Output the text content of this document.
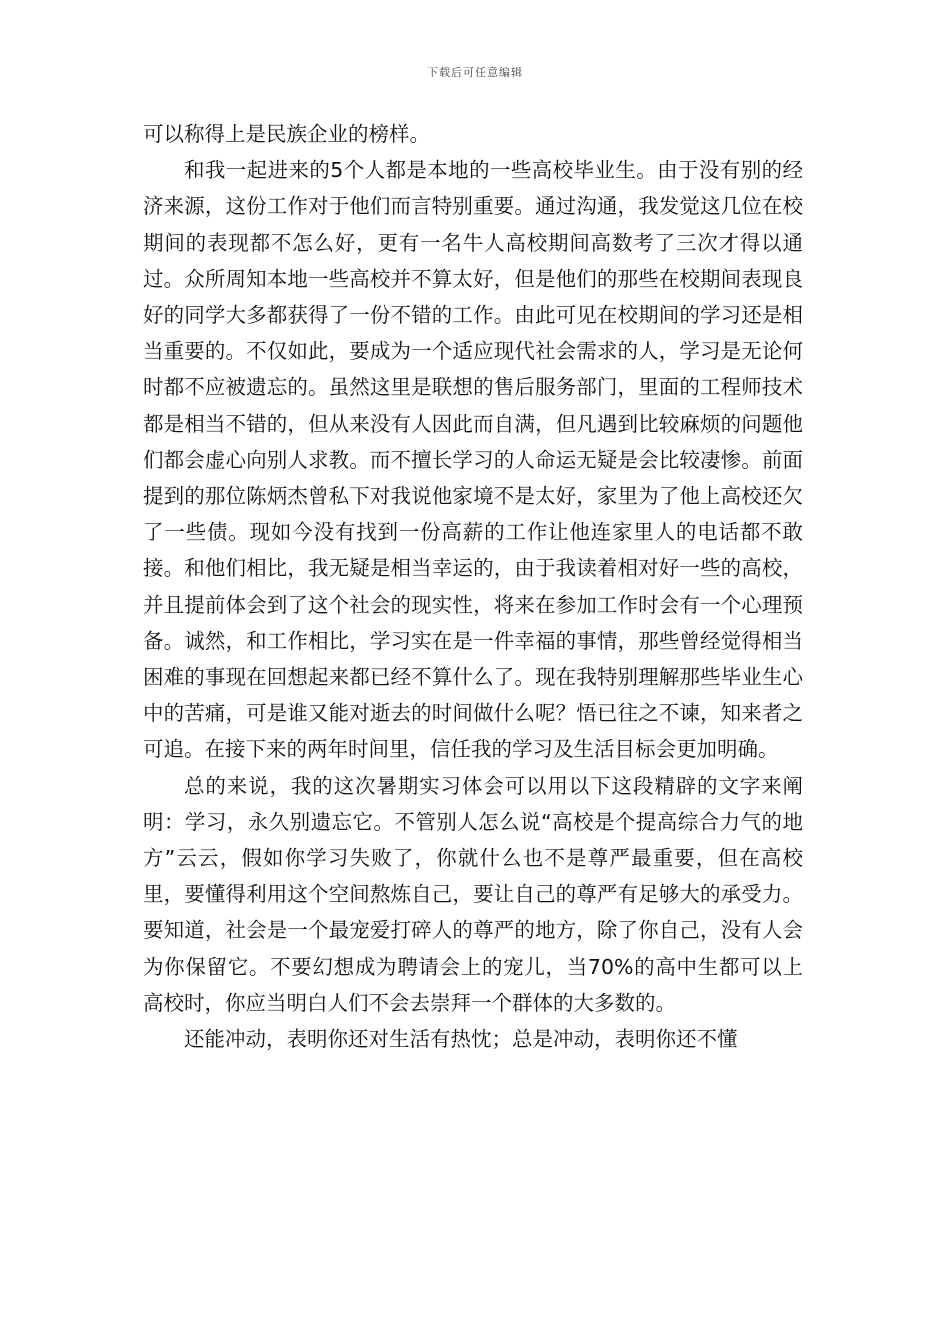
下载后可任意编辑

可以称得上是民族企业的榜样。

和我一起进来的5个人都是本地的一些高校毕业生。由于没有别的经济来源，这份工作对于他们而言特别重要。通过沟通，我发觉这几位在校期间的表现都不怎么好，更有一名牛人高校期间高数考了三次才得以通过。众所周知本地一些高校并不算太好，但是他们的那些在校期间表现良好的同学大多都获得了一份不错的工作。由此可见在校期间的学习还是相当重要的。不仅如此，要成为一个适应现代社会需求的人，学习是无论何时都不应被遗忘的。虽然这里是联想的售后服务部门，里面的工程师技术都是相当不错的，但从来没有人因此而自满，但凡遇到比较麻烦的问题他们都会虚心向别人求教。而不擅长学习的人命运无疑是会比较凄惨。前面提到的那位陈炳杰曾私下对我说他家境不是太好，家里为了他上高校还欠了一些债。现如今没有找到一份高薪的工作让他连家里人的电话都不敢接。和他们相比，我无疑是相当幸运的，由于我读着相对好一些的高校，并且提前体会到了这个社会的现实性，将来在参加工作时会有一个心理预备。诚然，和工作相比，学习实在是一件幸福的事情，那些曾经觉得相当困难的事现在回想起来都已经不算什么了。现在我特别理解那些毕业生心中的苦痛，可是谁又能对逝去的时间做什么呢？悟已往之不谏，知来者之可追。在接下来的两年时间里，信任我的学习及生活目标会更加明确。

总的来说，我的这次暑期实习体会可以用以下这段精辟的文字来阐明：学习，永久别遗忘它。不管别人怎么说“高校是个提高综合力气的地方”云云，假如你学习失败了，你就什么也不是尊严最重要，但在高校里，要懂得利用这个空间熬炼自己，要让自己的尊严有足够大的承受力。要知道，社会是一个最宠爱打碎人的尊严的地方，除了你自己，没有人会为你保留它。不要幻想成为聘请会上的宠儿，当70%的高中生都可以上高校时，你应当明白人们不会去崇拜一个群体的大多数的。

还能冲动，表明你还对生活有热忱；总是冲动，表明你还不懂
